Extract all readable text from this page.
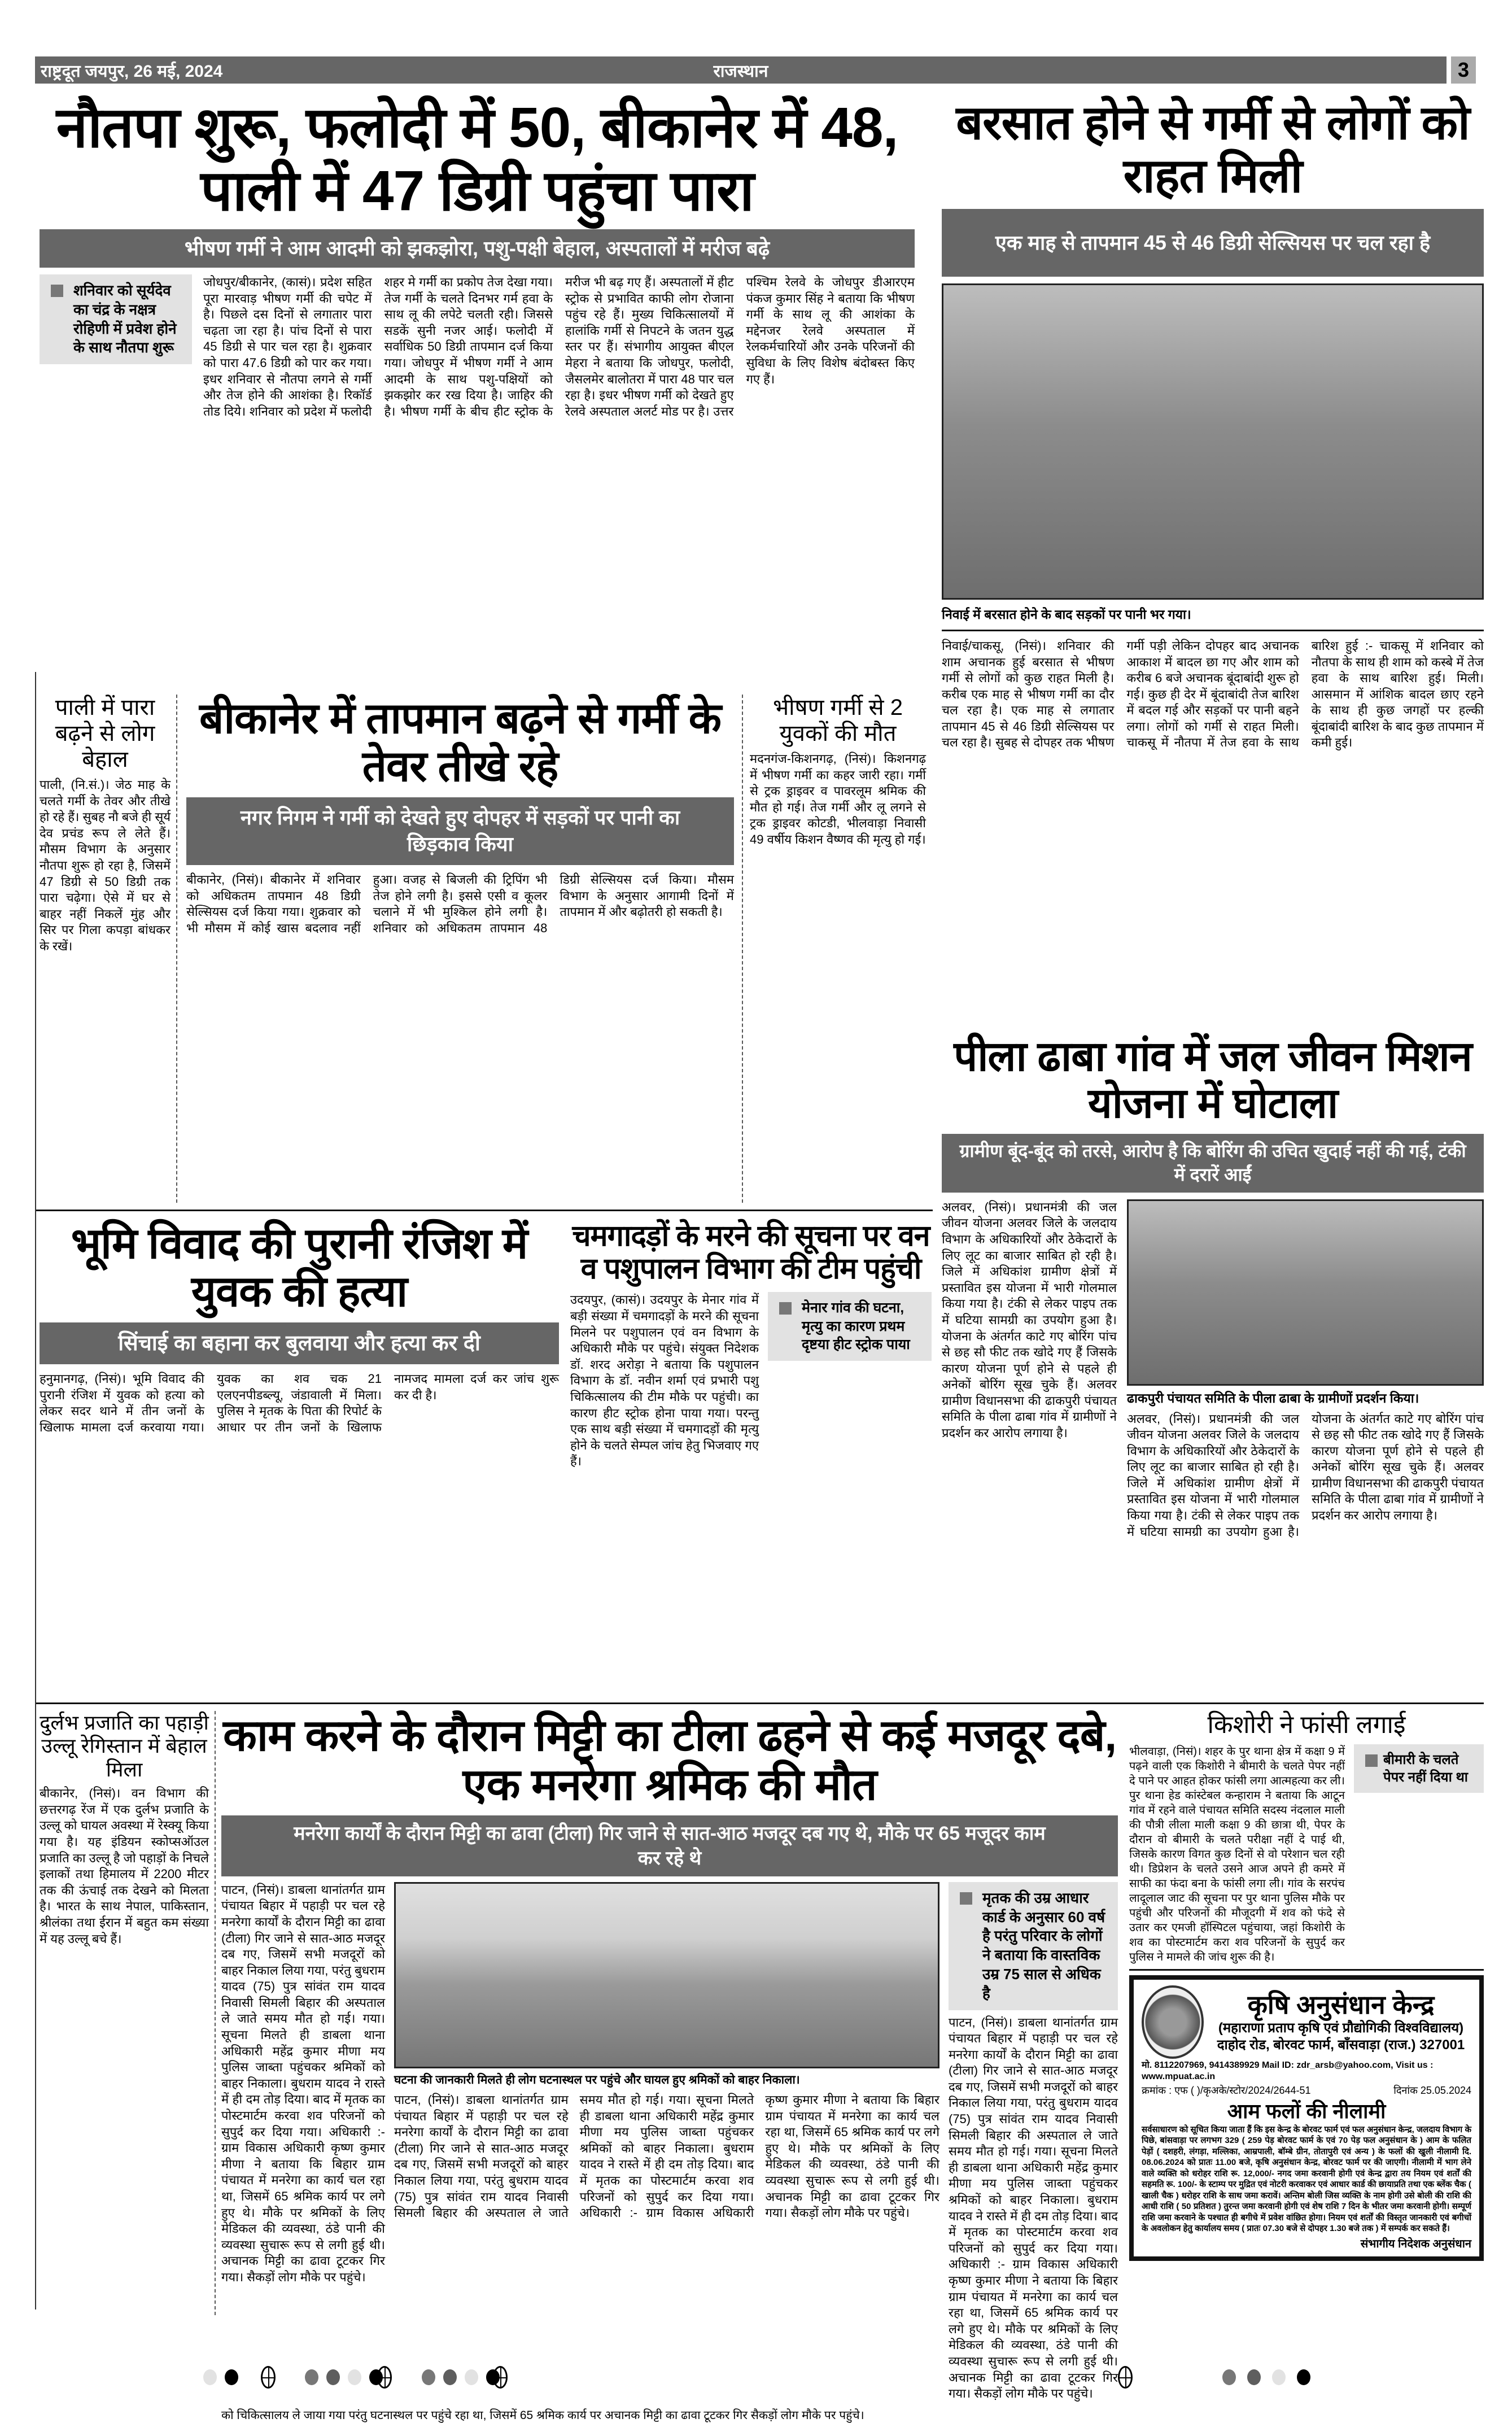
राष्ट्रदूत जयपुर, 26 मई, 2024	राजस्थान	3
नौतपा शुरू, फलोदी में 50, बीकानेर में 48, पाली में 47 डिग्री पहुंचा पारा
भीषण गर्मी ने आम आदमी को झकझोरा, पशु-पक्षी बेहाल, अस्पतालों में मरीज बढ़े
शनिवार को सूर्यदेव का चंद्र के नक्षत्र रोहिणी में प्रवेश होने के साथ नौतपा शुरू

जोधपुर/बीकानेर, (कासं)। प्रदेश सहित पूरा मारवाड़ भीषण गर्मी की चपेट में है। पिछले दस दिनों से लगातार पारा चढ़ता जा रहा है। पांच दिनों से पारा 45 डिग्री से पार चल रहा है। शुक्रवार को पारा 47.6 डिग्री को पार कर गया। इधर शनिवार से नौतपा लगने से गर्मी और तेज होने की आशंका है। रिकॉर्ड तोड दिये। शनिवार को प्रदेश में फलोदी शहर मे गर्मी का प्रकोप तेज देखा गया। तेज गर्मी के चलते दिनभर गर्म हवा के साथ लू की लपेटे चलती रही। जिससे सडकें सुनी नजर आई। फलोदी में सर्वाधिक 50 डिग्री तापमान दर्ज किया गया। जोधपुर में भीषण गर्मी ने आम आदमी के साथ पशु-पक्षियों को झकझोर कर रख दिया है। जाहिर की है। भीषण गर्मी के बीच हीट स्ट्रोक के मरीज भी बढ़ गए हैं। अस्पतालों में हीट स्ट्रोक से प्रभावित काफी लोग रोजाना पहुंच रहे हैं। मुख्य चिकित्सालयों में हालांकि गर्मी से निपटने के जतन युद्ध स्तर पर हैं। संभागीय आयुक्त बीएल मेहरा ने बताया कि जोधपुर, फलोदी, जैसलमेर बालोतरा में पारा 48 पार चल रहा है। इधर भीषण गर्मी को देखते हुए रेलवे अस्पताल अलर्ट मोड पर है। उत्तर पश्चिम रेलवे के जोधपुर डीआरएम पंकज कुमार सिंह ने बताया कि भीषण गर्मी के साथ लू की आशंका के मद्देनजर रेलवे अस्पताल में रेलकर्मचारियों और उनके परिजनों की सुविधा के लिए विशेष बंदोबस्त किए गए हैं।

बरसात होने से गर्मी से लोगों को राहत मिली
एक माह से तापमान 45 से 46 डिग्री सेल्सियस पर चल रहा है
निवाई में बरसात होने के बाद सड़कों पर पानी भर गया।

निवाई/चाकसू, (निसं)। शनिवार की शाम अचानक हुई बरसात से भीषण गर्मी से लोगों को कुछ राहत मिली है। करीब एक माह से भीषण गर्मी का दौर चल रहा है। एक माह से लगातार तापमान 45 से 46 डिग्री सेल्सियस पर चल रहा है। सुबह से दोपहर तक भीषण गर्मी पड़ी लेकिन दोपहर बाद अचानक आकाश में बादल छा गए और शाम को करीब 6 बजे अचानक बूंदाबांदी शुरू हो गई। कुछ ही देर में बूंदाबांदी तेज बारिश में बदल गई और सड़कों पर पानी बहने लगा। लोगों को गर्मी से राहत मिली। चाकसू में नौतपा में तेज हवा के साथ बारिश हुई :- चाकसू में शनिवार को नौतपा के साथ ही शाम को कस्बे में तेज हवा के साथ बारिश हुई। मिली। आसमान में आंशिक बादल छाए रहने के साथ ही कुछ जगहों पर हल्की बूंदाबांदी बारिश के बाद कुछ तापमान में कमी हुई।

पाली में पारा बढ़ने से लोग बेहाल

पाली, (नि.सं.)। जेठ माह के चलते गर्मी के तेवर और तीखे हो रहे हैं। सुबह नौ बजे ही सूर्य देव प्रचंड रूप ले लेते हैं। मौसम विभाग के अनुसार नौतपा शुरू हो रहा है, जिसमें 47 डिग्री से 50 डिग्री तक पारा चढ़ेगा। ऐसे में घर से बाहर नहीं निकलें मुंह और सिर पर गिला कपड़ा बांधकर के रखें।

बीकानेर में तापमान बढ़ने से गर्मी के तेवर तीखे रहे
नगर निगम ने गर्मी को देखते हुए दोपहर में सड़कों पर पानी का छिड़काव किया

बीकानेर, (निसं)। बीकानेर में शनिवार को अधिकतम तापमान 48 डिग्री सेल्सियस दर्ज किया गया। शुक्रवार को भी मौसम में कोई खास बदलाव नहीं हुआ। वजह से बिजली की ट्रिपिंग भी तेज होने लगी है। इससे एसी व कूलर चलाने में भी मुश्किल होने लगी है। शनिवार को अधिकतम तापमान 48 डिग्री सेल्सियस दर्ज किया। मौसम विभाग के अनुसार आगामी दिनों में तापमान में और बढ़ोतरी हो सकती है।

भीषण गर्मी से 2 युवकों की मौत

मदनगंज-किशनगढ़, (निसं)। किशनगढ़ में भीषण गर्मी का कहर जारी रहा। गर्मी से ट्रक ड्राइवर व पावरलूम श्रमिक की मौत हो गई। तेज गर्मी और लू लगने से ट्रक ड्राइवर कोटडी, भीलवाड़ा निवासी 49 वर्षीय किशन वैष्णव की मृत्यु हो गई।

पीला ढाबा गांव में जल जीवन मिशन योजना में घोटाला
ग्रामीण बूंद-बूंद को तरसे, आरोप है कि बोरिंग की उचित खुदाई नहीं की गई, टंकी में दरारें आईं

अलवर, (निसं)। प्रधानमंत्री की जल जीवन योजना अलवर जिले के जलदाय विभाग के अधिकारियों और ठेकेदारों के लिए लूट का बाजार साबित हो रही है। जिले में अधिकांश ग्रामीण क्षेत्रों में प्रस्तावित इस योजना में भारी गोलमाल किया गया है। टंकी से लेकर पाइप तक में घटिया सामग्री का उपयोग हुआ है। योजना के अंतर्गत काटे गए बोरिंग पांच से छह सौ फीट तक खोदे गए हैं जिसके कारण योजना पूर्ण होने से पहले ही अनेकों बोरिंग सूख चुके हैं। अलवर ग्रामीण विधानसभा की ढाकपुरी पंचायत समिति के पीला ढाबा गांव में ग्रामीणों ने प्रदर्शन कर आरोप लगाया है।

ढाकपुरी पंचायत समिति के पीला ढाबा के ग्रामीणों प्रदर्शन किया।

अलवर, (निसं)। प्रधानमंत्री की जल जीवन योजना अलवर जिले के जलदाय विभाग के अधिकारियों और ठेकेदारों के लिए लूट का बाजार साबित हो रही है। जिले में अधिकांश ग्रामीण क्षेत्रों में प्रस्तावित इस योजना में भारी गोलमाल किया गया है। टंकी से लेकर पाइप तक में घटिया सामग्री का उपयोग हुआ है। योजना के अंतर्गत काटे गए बोरिंग पांच से छह सौ फीट तक खोदे गए हैं जिसके कारण योजना पूर्ण होने से पहले ही अनेकों बोरिंग सूख चुके हैं। अलवर ग्रामीण विधानसभा की ढाकपुरी पंचायत समिति के पीला ढाबा गांव में ग्रामीणों ने प्रदर्शन कर आरोप लगाया है।

भूमि विवाद की पुरानी रंजिश में युवक की हत्या
सिंचाई का बहाना कर बुलवाया और हत्या कर दी

हनुमानगढ़, (निसं)। भूमि विवाद की पुरानी रंजिश में युवक को हत्या को लेकर सदर थाने में तीन जनों के खिलाफ मामला दर्ज करवाया गया। युवक का शव चक 21 एलएनपीडब्ल्यू, जंडावाली में मिला। पुलिस ने मृतक के पिता की रिपोर्ट के आधार पर तीन जनों के खिलाफ नामजद मामला दर्ज कर जांच शुरू कर दी है।

चमगादड़ों के मरने की सूचना पर वन व पशुपालन विभाग की टीम पहुंची

उदयपुर, (कासं)। उदयपुर के मेनार गांव में बड़ी संख्या में चमगादड़ों के मरने की सूचना मिलने पर पशुपालन एवं वन विभाग के अधिकारी मौके पर पहुंचे। संयुक्त निदेशक डॉ. शरद अरोड़ा ने बताया कि पशुपालन विभाग के डॉ. नवीन शर्मा एवं प्रभारी पशु चिकित्सालय की टीम मौके पर पहुंची। का कारण हीट स्ट्रोक होना पाया गया। परन्तु एक साथ बड़ी संख्या में चमगादड़ों की मृत्यु होने के चलते सेम्पल जांच हेतु भिजवाए गए हैं।

मेनार गांव की घटना, मृत्यु का कारण प्रथम दृष्टया हीट स्ट्रोक पाया
दुर्लभ प्रजाति का पहाड़ी उल्लू रेगिस्तान में बेहाल मिला

बीकानेर, (निसं)। वन विभाग की छत्तरगढ़ रेंज में एक दुर्लभ प्रजाति के उल्लू को घायल अवस्था में रेस्क्यू किया गया है। यह इंडियन स्कोप्सऑउल प्रजाति का उल्लू है जो पहाड़ों के निचले इलाकों तथा हिमालय में 2200 मीटर तक की ऊंचाई तक देखने को मिलता है। भारत के साथ नेपाल, पाकिस्तान, श्रीलंका तथा ईरान में बहुत कम संख्या में यह उल्लू बचे हैं।

काम करने के दौरान मिट्टी का टीला ढहने से कई मजदूर दबे, एक मनरेगा श्रमिक की मौत
मनरेगा कार्यों के दौरान मिट्टी का ढावा (टीला) गिर जाने से सात-आठ मजदूर दब गए थे, मौके पर 65 मजूदर काम कर रहे थे

पाटन, (निसं)। डाबला थानांतर्गत ग्राम पंचायत बिहार में पहाड़ी पर चल रहे मनरेगा कार्यों के दौरान मिट्टी का ढावा (टीला) गिर जाने से सात-आठ मजदूर दब गए, जिसमें सभी मजदूरों को बाहर निकाल लिया गया, परंतु बुधराम यादव (75) पुत्र सांवंत राम यादव निवासी सिमली बिहार की अस्पताल ले जाते समय मौत हो गई। गया। सूचना मिलते ही डाबला थाना अधिकारी महेंद्र कुमार मीणा मय पुलिस जाब्ता पहुंचकर श्रमिकों को बाहर निकाला। बुधराम यादव ने रास्ते में ही दम तोड़ दिया। बाद में मृतक का पोस्टमार्टम करवा शव परिजनों को सुपुर्द कर दिया गया। अधिकारी :- ग्राम विकास अधिकारी कृष्ण कुमार मीणा ने बताया कि बिहार ग्राम पंचायत में मनरेगा का कार्य चल रहा था, जिसमें 65 श्रमिक कार्य पर लगे हुए थे। मौके पर श्रमिकों के लिए मेडिकल की व्यवस्था, ठंडे पानी की व्यवस्था सुचारू रूप से लगी हुई थी। अचानक मिट्टी का ढावा टूटकर गिर गया। सैकड़ों लोग मौके पर पहुंचे।

घटना की जानकारी मिलते ही लोग घटनास्थल पर पहुंचे और घायल हुए श्रमिकों को बाहर निकाला।

पाटन, (निसं)। डाबला थानांतर्गत ग्राम पंचायत बिहार में पहाड़ी पर चल रहे मनरेगा कार्यों के दौरान मिट्टी का ढावा (टीला) गिर जाने से सात-आठ मजदूर दब गए, जिसमें सभी मजदूरों को बाहर निकाल लिया गया, परंतु बुधराम यादव (75) पुत्र सांवंत राम यादव निवासी सिमली बिहार की अस्पताल ले जाते समय मौत हो गई। गया। सूचना मिलते ही डाबला थाना अधिकारी महेंद्र कुमार मीणा मय पुलिस जाब्ता पहुंचकर श्रमिकों को बाहर निकाला। बुधराम यादव ने रास्ते में ही दम तोड़ दिया। बाद में मृतक का पोस्टमार्टम करवा शव परिजनों को सुपुर्द कर दिया गया। अधिकारी :- ग्राम विकास अधिकारी कृष्ण कुमार मीणा ने बताया कि बिहार ग्राम पंचायत में मनरेगा का कार्य चल रहा था, जिसमें 65 श्रमिक कार्य पर लगे हुए थे। मौके पर श्रमिकों के लिए मेडिकल की व्यवस्था, ठंडे पानी की व्यवस्था सुचारू रूप से लगी हुई थी। अचानक मिट्टी का ढावा टूटकर गिर गया। सैकड़ों लोग मौके पर पहुंचे।

मृतक की उम्र आधार कार्ड के अनुसार 60 वर्ष है परंतु परिवार के लोगों ने बताया कि वास्तविक उम्र 75 साल से अधिक है

पाटन, (निसं)। डाबला थानांतर्गत ग्राम पंचायत बिहार में पहाड़ी पर चल रहे मनरेगा कार्यों के दौरान मिट्टी का ढावा (टीला) गिर जाने से सात-आठ मजदूर दब गए, जिसमें सभी मजदूरों को बाहर निकाल लिया गया, परंतु बुधराम यादव (75) पुत्र सांवंत राम यादव निवासी सिमली बिहार की अस्पताल ले जाते समय मौत हो गई। गया। सूचना मिलते ही डाबला थाना अधिकारी महेंद्र कुमार मीणा मय पुलिस जाब्ता पहुंचकर श्रमिकों को बाहर निकाला। बुधराम यादव ने रास्ते में ही दम तोड़ दिया। बाद में मृतक का पोस्टमार्टम करवा शव परिजनों को सुपुर्द कर दिया गया। अधिकारी :- ग्राम विकास अधिकारी कृष्ण कुमार मीणा ने बताया कि बिहार ग्राम पंचायत में मनरेगा का कार्य चल रहा था, जिसमें 65 श्रमिक कार्य पर लगे हुए थे। मौके पर श्रमिकों के लिए मेडिकल की व्यवस्था, ठंडे पानी की व्यवस्था सुचारू रूप से लगी हुई थी। अचानक मिट्टी का ढावा टूटकर गिर गया। सैकड़ों लोग मौके पर पहुंचे।

को चिकित्सालय ले जाया गया परंतु घटनास्थल पर पहुंचे रहा था, जिसमें 65 श्रमिक कार्य पर अचानक मिट्टी का ढावा टूटकर गिर सैकड़ों लोग मौके पर पहुंचे।
किशोरी ने फांसी लगाई

भीलवाड़ा, (निसं)। शहर के पुर थाना क्षेत्र में कक्षा 9 में पढ़ने वाली एक किशोरी ने बीमारी के चलते पेपर नहीं दे पाने पर आहत होकर फांसी लगा आत्महत्या कर ली। पुर थाना हेड कांस्टेबल कन्हाराम ने बताया कि आटून गांव में रहने वाले पंचायत समिति सदस्य नंदलाल माली की पौत्री लीला माली कक्षा 9 की छात्रा थी, पेपर के दौरान वो बीमारी के चलते परीक्षा नहीं दे पाई थी, जिसके कारण विगत कुछ दिनों से वो परेशान चल रही थी। डिप्रेशन के चलते उसने आज अपने ही कमरे में साफी का फंदा बना के फांसी लगा ली। गांव के सरपंच लादूलाल जाट की सूचना पर पुर थाना पुलिस मौके पर पहुंची और परिजनों की मौजूदगी में शव को फंदे से उतार कर एमजी हॉस्पिटल पहुंचाया, जहां किशोरी के शव का पोस्टमार्टम करा शव परिजनों के सुपुर्द कर पुलिस ने मामले की जांच शुरू की है।

बीमारी के चलते पेपर नहीं दिया था
कृषि अनुसंधान केन्द्र
(महाराणा प्रताप कृषि एवं प्रौद्योगिकी विश्वविद्यालय)
दाहोद रोड, बोरवट फार्म, बाँसवाड़ा (राज.) 327001
मो. 8112207969, 9414389929 Mail ID: zdr_arsb@yahoo.com, Visit us : www.mpuat.ac.in
क्रमांक : एफ ( )/कृअके/स्टोर/2024/2644-51	दिनांक 25.05.2024
आम फलों की नीलामी
सर्वसाधारण को सूचित किया जाता हैं कि इस केन्द्र के बोरवट फार्म एवं फल अनुसंधान केन्द्र, जलदाय विभाग के पिछे, बांसवाड़ा पर लगभग 329 ( 259 पेड़ बोरवट फार्म के एवं 70 पेड़ फल अनुसंधान के ) आम के फलित पेड़ों ( दशहरी, लंगड़ा, मल्लिका, आम्रपाली, बॉम्बे ग्रीन, तोतापुरी एवं अन्य ) के फलों की खुली नीलामी दि. 08.06.2024 को प्रातः 11.00 बजे, कृषि अनुसंधान केन्द्र, बोरवट फार्म पर की जाएगी। नीलामी में भाग लेने वाले व्यक्ति को धरोहर राशि रू. 12,000/- नगद जमा करवानी होगी एवं केन्द्र द्वारा तय नियम एवं शर्तों की सहमति रू. 100/- के स्टाम्प पर मुद्रित एवं नोटरी करवाकर एवं आधार कार्ड की छायाप्रति तथा एक ब्लेंक चैक ( खाली चैक ) धरोहर राशि के साथ जमा करावें। अन्तिम बोली जिस व्यक्ति के नाम होगी उसे बोली की राशि की आधी राशि ( 50 प्रतिशत ) तुरन्त जमा करवानी होगी एवं शेष राशि 7 दिन के भीतर जमा करवानी होगी। सम्पूर्ण राशि जमा करवाने के पश्चात ही बगीचे में प्रवेश वांछित होगा। नियम एवं शर्तों की विस्तृत जानकारी एवं बगीचों के अवलोकन हेतु कार्यालय समय ( प्रातः 07.30 बजे से दोपहर 1.30 बजे तक ) में सम्पर्क कर सकते हैं।
संभागीय निदेशक अनुसंधान
